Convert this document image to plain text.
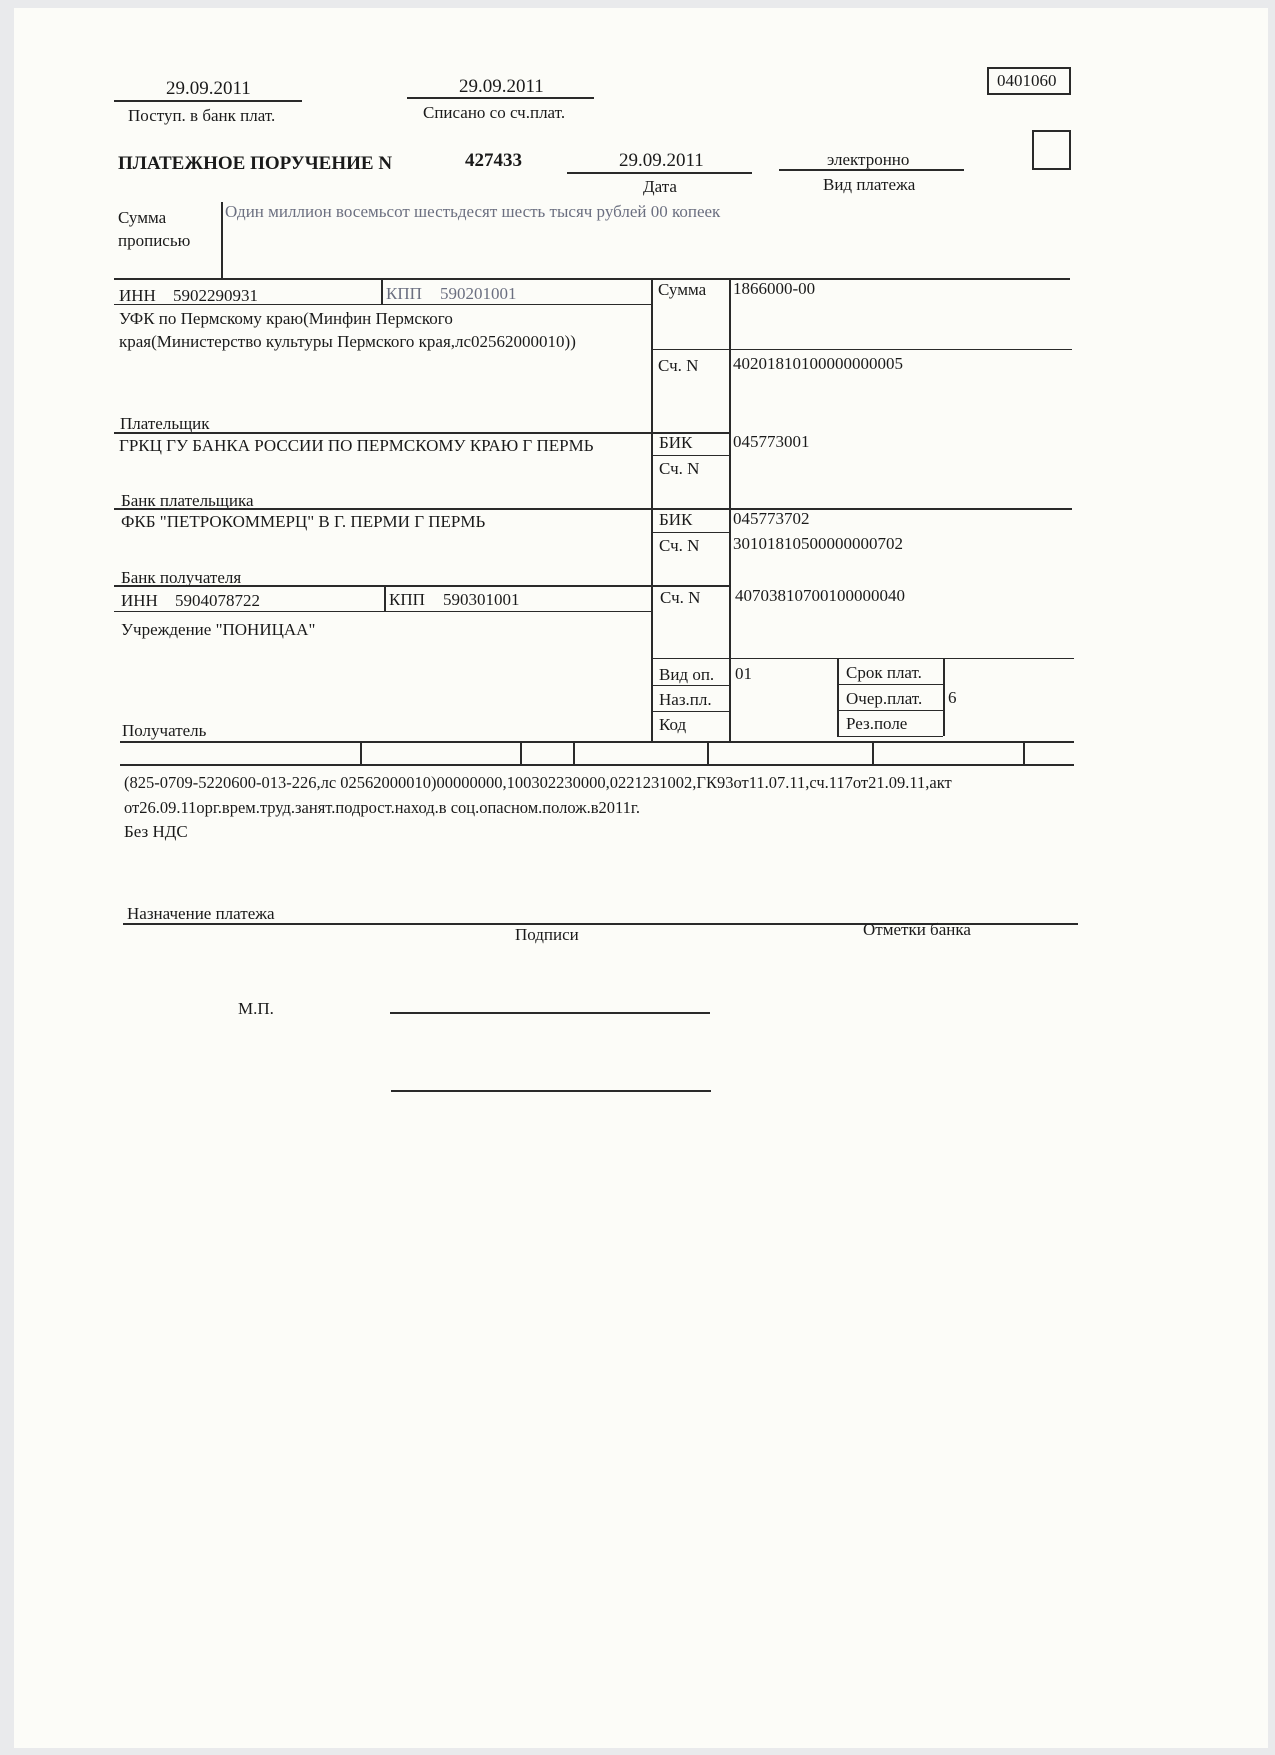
0401060
29.09.2011
Поступ. в банк плат.
29.09.2011
Списано со сч.плат.
ПЛАТЕЖНОЕ ПОРУЧЕНИЕ N	427433	29.09.2011
Дата
электронно
Вид платежа
Сумма
прописью
Один миллион восемьсот шестьдесят шесть тысяч рублей 00 копеек
ИНН 5902290931	КПП 590201001
УФК по Пермскому краю(Минфин Пермского
края(Министерство культуры Пермского края,лс02562000010))
Плательщик
Сумма 1866000-00
Сч. N 40201810100000000005
ГРКЦ ГУ БАНКА РОССИИ ПО ПЕРМСКОМУ КРАЮ Г ПЕРМЬ
Банк плательщика
БИК 045773001
Сч. N
ФКБ "ПЕТРОКОММЕРЦ" В Г. ПЕРМИ Г ПЕРМЬ
Банк получателя
БИК 045773702
Сч. N 30101810500000000702
ИНН 5904078722	КПП 590301001	Сч. N 40703810700100000040
Учреждение "ПОНИЦАА"
Получатель
Вид оп. 01
Наз.пл.
Код
Срок плат.
Очер.плат. 6
Рез.поле
(825-0709-5220600-013-226,лс 02562000010)00000000,100302230000,0221231002,ГК93от11.07.11,сч.117от21.09.11,акт
от26.09.11орг.врем.труд.занят.подрост.наход.в соц.опасном.полож.в2011г.
Без НДС
Назначение платежа
Подписи	Отметки банка
М.П.
